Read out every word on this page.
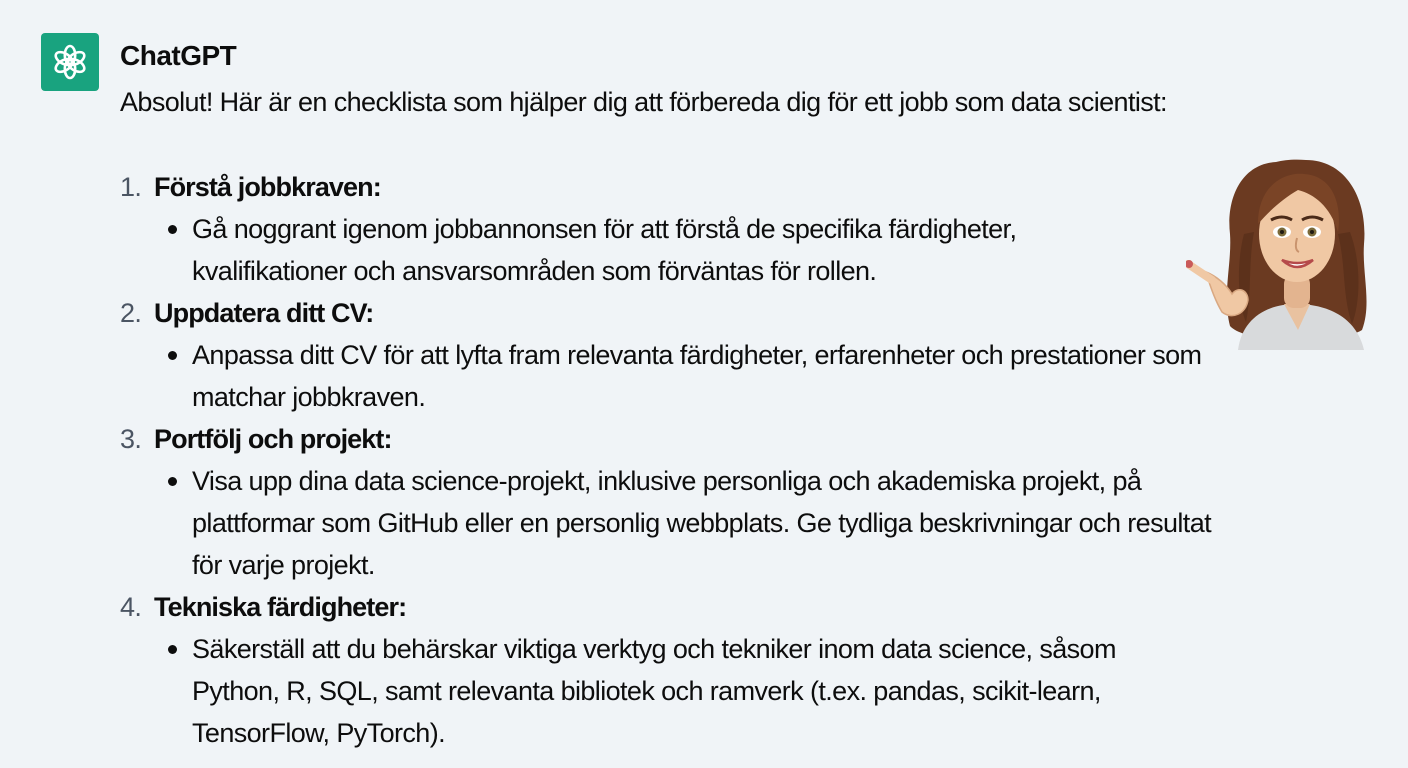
ChatGPT
Absolut! Här är en checklista som hjälper dig att förbereda dig för ett jobb som data scientist:
1. Förstå jobbkraven:
Gå noggrant igenom jobbannonsen för att förstå de specifika färdigheter, kvalifikationer och ansvarsområden som förväntas för rollen.
2. Uppdatera ditt CV:
Anpassa ditt CV för att lyfta fram relevanta färdigheter, erfarenheter och prestationer som matchar jobbkraven.
3. Portfölj och projekt:
Visa upp dina data science-projekt, inklusive personliga och akademiska projekt, på plattformar som GitHub eller en personlig webbplats. Ge tydliga beskrivningar och resultat för varje projekt.
4. Tekniska färdigheter:
Säkerställ att du behärskar viktiga verktyg och tekniker inom data science, såsom Python, R, SQL, samt relevanta bibliotek och ramverk (t.ex. pandas, scikit-learn, TensorFlow, PyTorch).
